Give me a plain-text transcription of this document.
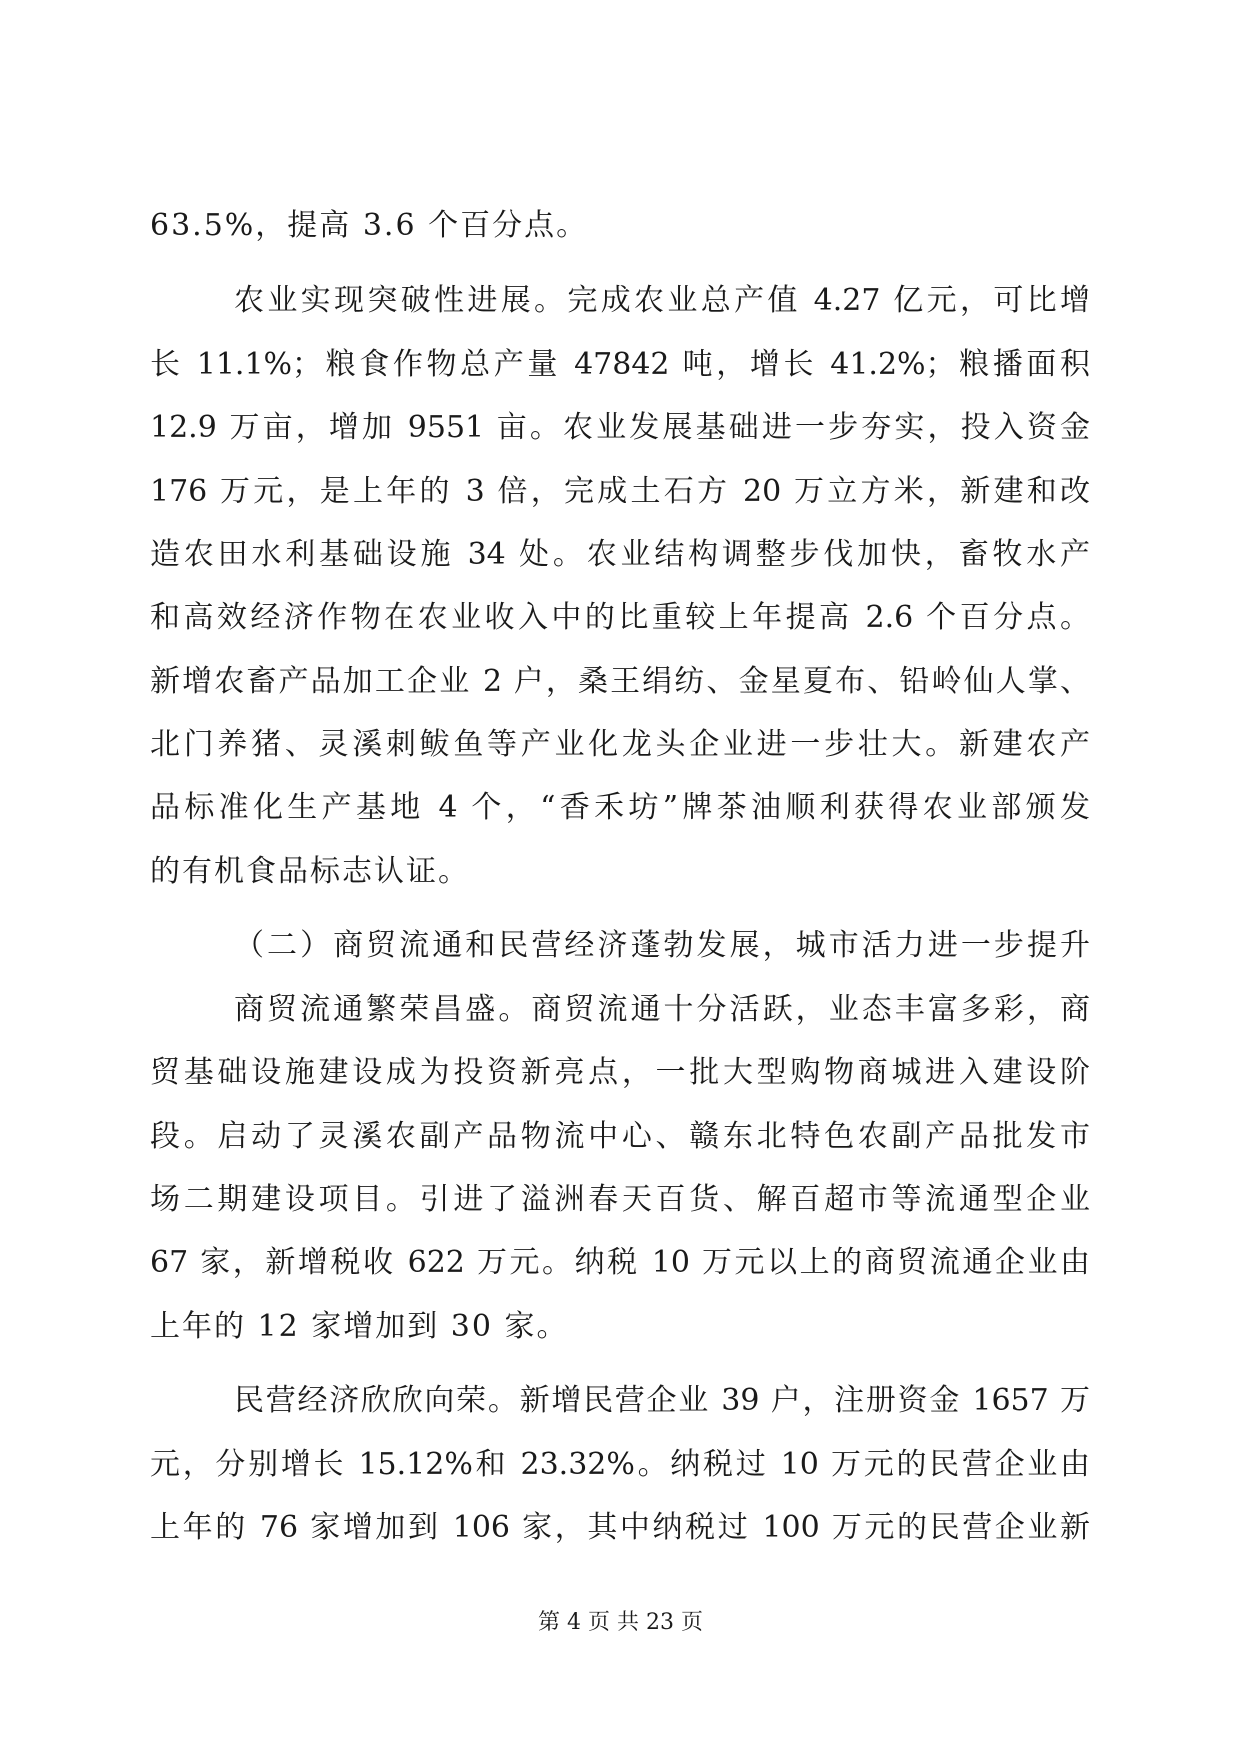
63.5%，提高 3.6 个百分点。
农业实现突破性进展。完成农业总产值 4.27 亿元，可比增
长 11.1%；粮食作物总产量 47842 吨，增长 41.2%；粮播面积
12.9 万亩，增加 9551 亩。农业发展基础进一步夯实，投入资金
176 万元，是上年的 3 倍，完成土石方 20 万立方米，新建和改
造农田水利基础设施 34 处。农业结构调整步伐加快，畜牧水产
和高效经济作物在农业收入中的比重较上年提高 2.6 个百分点。
新增农畜产品加工企业 2 户，桑王绢纺、金星夏布、铅岭仙人掌、
北门养猪、灵溪刺鲅鱼等产业化龙头企业进一步壮大。新建农产
品标准化生产基地 4 个，“香禾坊”牌茶油顺利获得农业部颁发
的有机食品标志认证。
（二）商贸流通和民营经济蓬勃发展，城市活力进一步提升
商贸流通繁荣昌盛。商贸流通十分活跃，业态丰富多彩，商
贸基础设施建设成为投资新亮点，一批大型购物商城进入建设阶
段。启动了灵溪农副产品物流中心、赣东北特色农副产品批发市
场二期建设项目。引进了溢洲春天百货、解百超市等流通型企业
67 家，新增税收 622 万元。纳税 10 万元以上的商贸流通企业由
上年的 12 家增加到 30 家。
民营经济欣欣向荣。新增民营企业 39 户，注册资金 1657 万
元，分别增长 15.12%和 23.32%。纳税过 10 万元的民营企业由
上年的 76 家增加到 106 家，其中纳税过 100 万元的民营企业新
第 4 页 共 23 页
